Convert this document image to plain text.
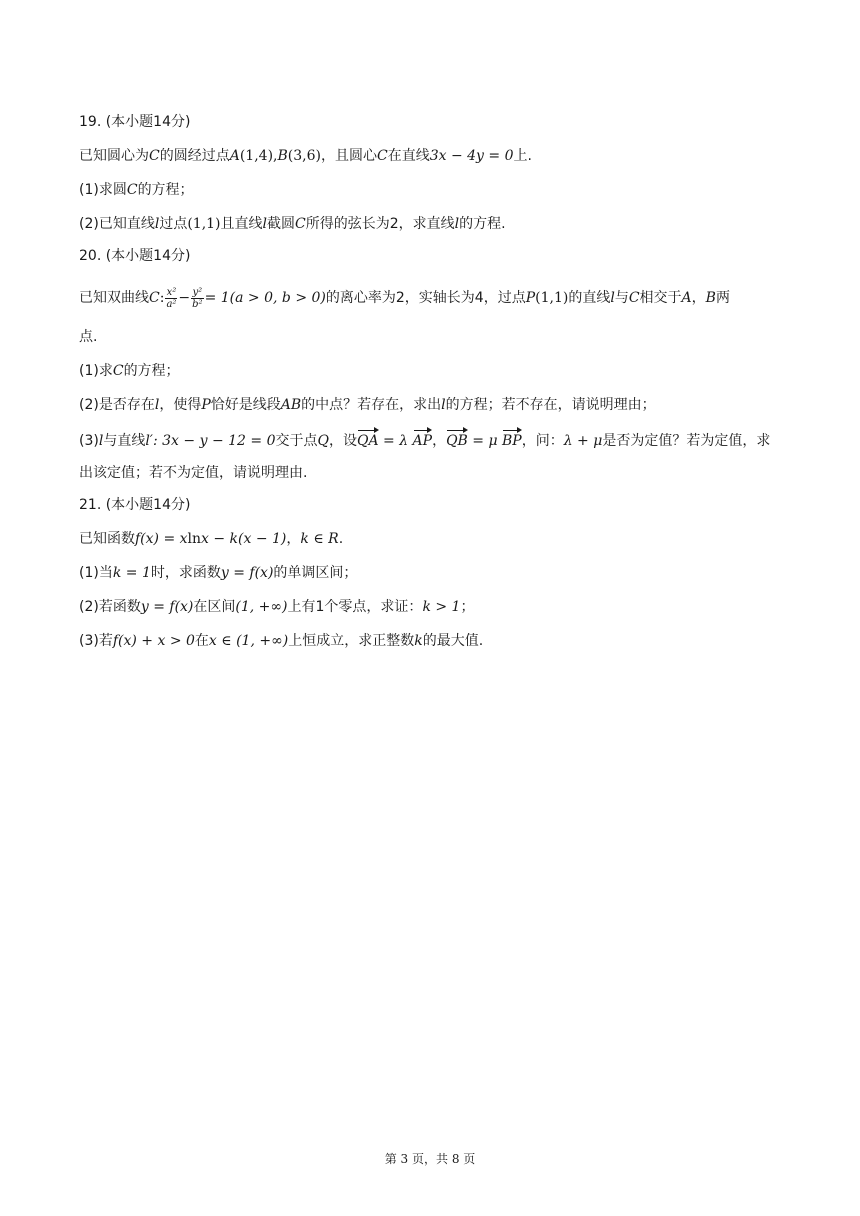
19. (本小题14分)
已知圆心为C的圆经过点A(1,4),B(3,6)，且圆心C在直线3x − 4y = 0上.
(1)求圆C的方程；
(2)已知直线l过点(1,1)且直线l截圆C所得的弦长为2，求直线l的方程.
20. (本小题14分)
已知双曲线C: $\frac{\text{x²}}{\text{a²}} - \frac{\text{y²}}{\text{b²}} = 1(a > 0$, b > 0)的离心率为2，实轴长为4，过点P(1,1)的直线l与C相交于A，B两
点.
(1)求C的方程；
(2)是否存在l，使得P恰好是线段AB的中点？若存在，求出l的方程；若不存在，请说明理由；
(3)l与直线l′: 3x − y − 12 = 0交于点Q，设QA = λ AP，QB = μ BP，问：λ + μ是否为定值？若为定值，求
出该定值；若不为定值，请说明理由.
21. (本小题14分)
已知函数f(x) = xlnx − k(x − 1)，k ∈ R.
(1)当k = 1时，求函数y = f(x)的单调区间；
(2)若函数y = f(x)在区间(1, +∞)上有1个零点，求证：k > 1；
(3)若f(x) + x > 0在x ∈ (1, +∞)上恒成立，求正整数k的最大值.
第 3 页，共 8 页
